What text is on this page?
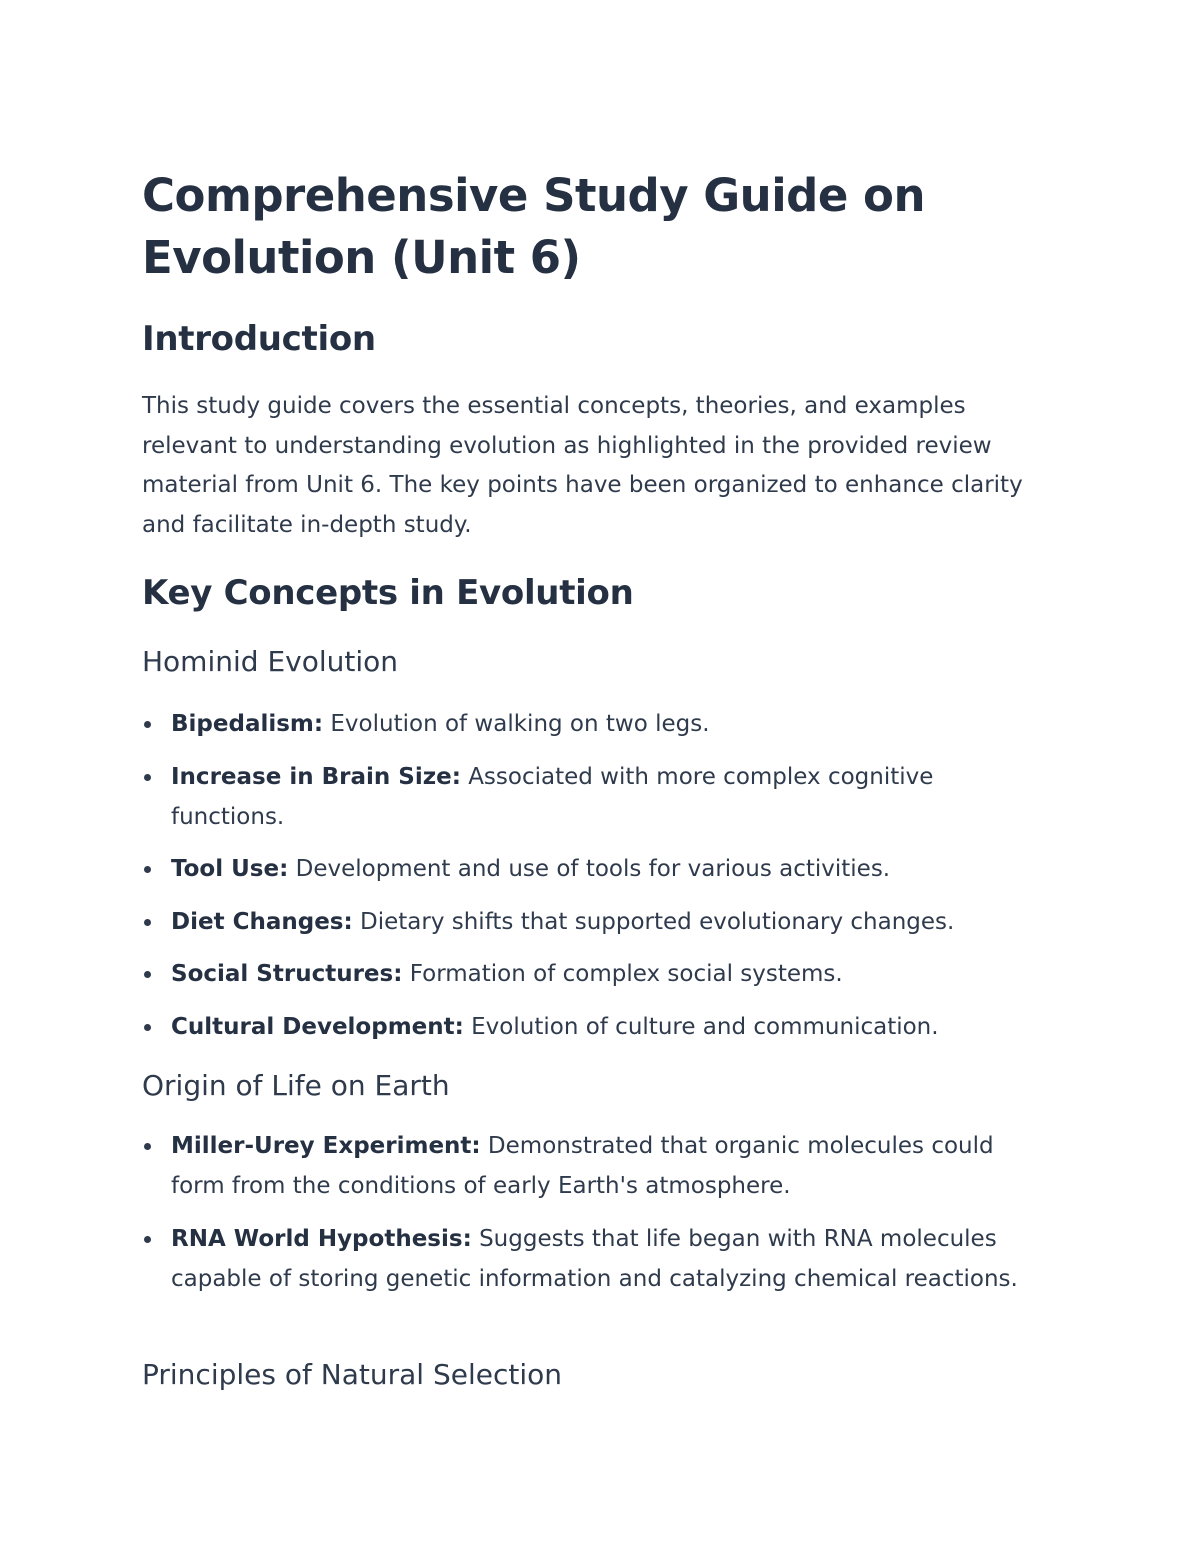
Comprehensive Study Guide on Evolution (Unit 6)
Introduction

This study guide covers the essential concepts, theories, and examples relevant to understanding evolution as highlighted in the provided review material from Unit 6. The key points have been organized to enhance clarity and facilitate in-depth study.

Key Concepts in Evolution
Hominid Evolution
Bipedalism: Evolution of walking on two legs.
Increase in Brain Size: Associated with more complex cognitive functions.
Tool Use: Development and use of tools for various activities.
Diet Changes: Dietary shifts that supported evolutionary changes.
Social Structures: Formation of complex social systems.
Cultural Development: Evolution of culture and communication.
Origin of Life on Earth
Miller-Urey Experiment: Demonstrated that organic molecules could form from the conditions of early Earth's atmosphere.
RNA World Hypothesis: Suggests that life began with RNA molecules capable of storing genetic information and catalyzing chemical reactions.
Principles of Natural Selection
